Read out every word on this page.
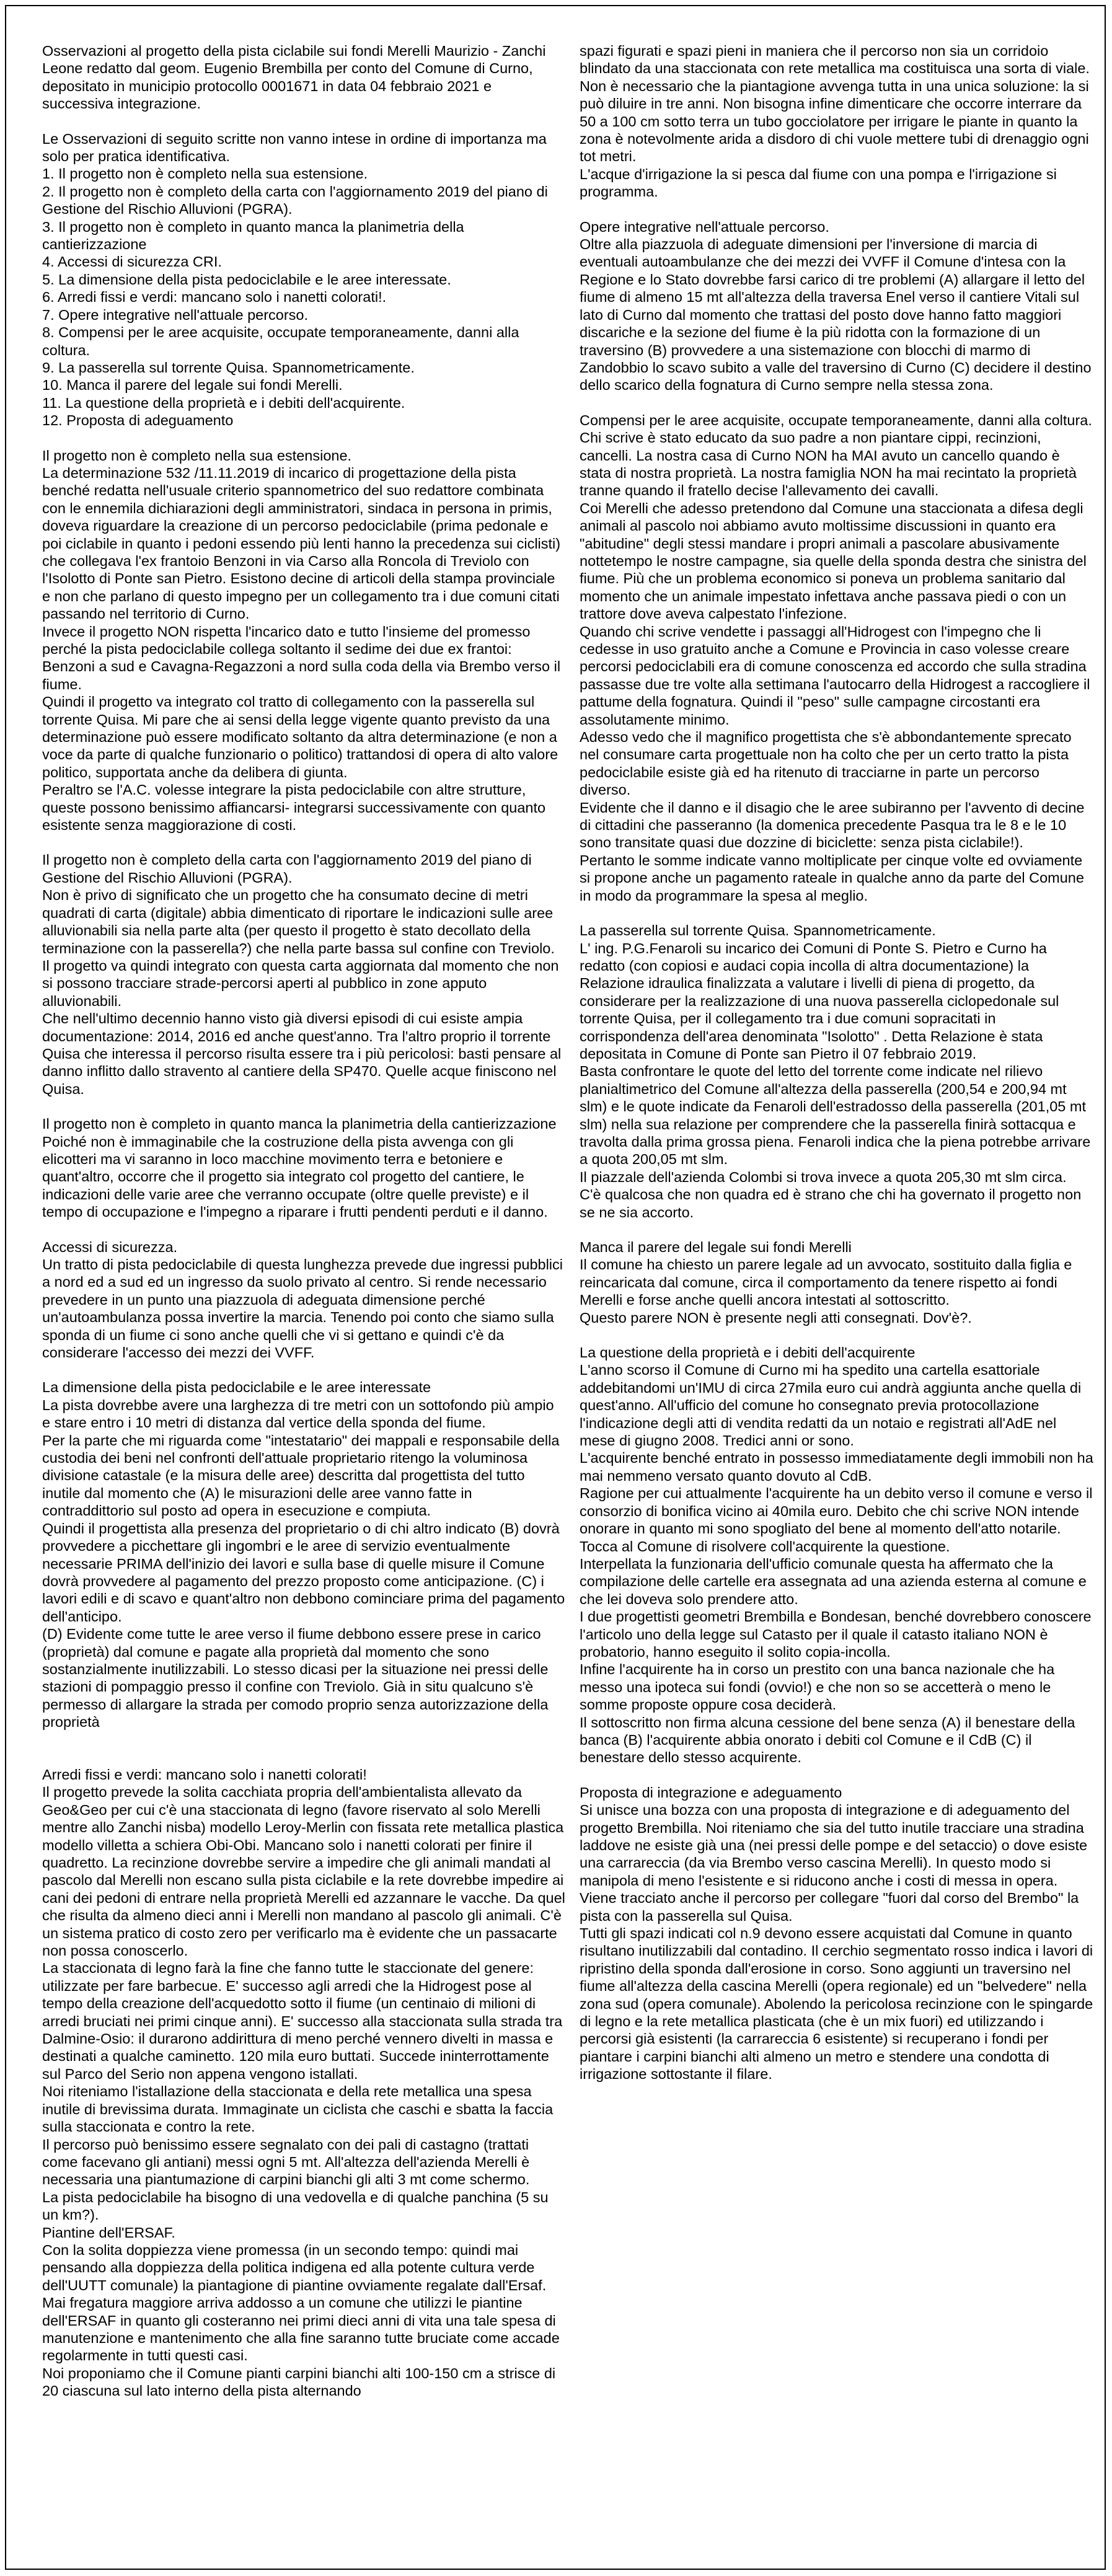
Osservazioni al progetto della pista ciclabile sui fondi Merelli Maurizio - Zanchi Leone redatto dal geom. Eugenio Brembilla per conto del Comune di Curno, depositato in municipio protocollo 0001671 in data 04 febbraio 2021 e successiva integrazione.

Le Osservazioni di seguito scritte non vanno intese in ordine di importanza ma solo per pratica identificativa.
1. Il progetto non è completo nella sua estensione.
2. Il progetto non è completo della carta con l'aggiornamento 2019 del piano di Gestione del Rischio Alluvioni (PGRA).
3. Il progetto non è completo in quanto manca la planimetria della cantierizzazione
4. Accessi di sicurezza CRI.
5. La dimensione della pista pedociclabile e le aree interessate.
6. Arredi fissi e verdi: mancano solo i nanetti colorati!.
7. Opere integrative nell'attuale percorso.
8. Compensi per le aree acquisite, occupate temporaneamente, danni alla coltura.
9. La passerella sul torrente Quisa. Spannometricamente.
10. Manca il parere del legale sui fondi Merelli.
11. La questione della proprietà e i debiti dell'acquirente.
12. Proposta di adeguamento

Il progetto non è completo nella sua estensione.
La determinazione 532 /11.11.2019 di incarico di progettazione della pista benché redatta nell'usuale criterio spannometrico del suo redattore combinata con le ennemila dichiarazioni degli amministratori, sindaca in persona in primis, doveva riguardare la creazione di un percorso pedociclabile (prima pedonale e poi ciclabile in quanto i pedoni essendo più lenti hanno la precedenza sui ciclisti) che collegava l'ex frantoio Benzoni in via Carso alla Roncola di Treviolo con l'Isolotto di Ponte san Pietro. Esistono decine di articoli della stampa provinciale e non che parlano di questo impegno per un collegamento tra i due comuni citati passando nel territorio di Curno.
Invece il progetto NON rispetta l'incarico dato e tutto l'insieme del promesso perché la pista pedociclabile collega soltanto il sedime dei due ex frantoi: Benzoni a sud e Cavagna-Regazzoni a nord sulla coda della via Brembo verso il fiume.
Quindi il progetto va integrato col tratto di collegamento con la passerella sul torrente Quisa. Mi pare che ai sensi della legge vigente quanto previsto da una determinazione può essere modificato soltanto da altra determinazione (e non a voce da parte di qualche funzionario o politico) trattandosi di opera di alto valore politico, supportata anche da delibera di giunta.
Peraltro se l'A.C. volesse integrare la pista pedociclabile con altre strutture, queste possono benissimo affiancarsi- integrarsi successivamente con quanto esistente senza maggiorazione di costi.

Il progetto non è completo della carta con l'aggiornamento 2019 del piano di Gestione del Rischio Alluvioni (PGRA).
Non è privo di significato che un progetto che ha consumato decine di metri quadrati di carta (digitale) abbia dimenticato di riportare le indicazioni sulle aree alluvionabili sia nella parte alta (per questo il progetto è stato decollato della terminazione con la passerella?) che nella parte bassa sul confine con Treviolo.
Il progetto va quindi integrato con questa carta aggiornata dal momento che non si possono tracciare strade-percorsi aperti al pubblico in zone apputo alluvionabili.
Che nell'ultimo decennio hanno visto già diversi episodi di cui esiste ampia documentazione: 2014, 2016 ed anche quest'anno. Tra l'altro proprio il torrente Quisa che interessa il percorso risulta essere tra i più pericolosi: basti pensare al danno inflitto dallo stravento al cantiere della SP470. Quelle acque finiscono nel Quisa.

Il progetto non è completo in quanto manca la planimetria della cantierizzazione
Poiché non è immaginabile che la costruzione della pista avvenga con gli elicotteri ma vi saranno in loco macchine movimento terra e betoniere e quant'altro, occorre che il progetto sia integrato col progetto del cantiere, le indicazioni delle varie aree che verranno occupate (oltre quelle previste) e il tempo di occupazione e l'impegno a riparare i frutti pendenti perduti e il danno.

Accessi di sicurezza.
Un tratto di pista pedociclabile di questa lunghezza prevede due ingressi pubblici a nord ed a sud ed un ingresso da suolo privato al centro. Si rende necessario prevedere in un punto una piazzuola di adeguata dimensione perché un'autoambulanza possa invertire la marcia. Tenendo poi conto che siamo sulla sponda di un fiume ci sono anche quelli che vi si gettano e quindi c'è da considerare l'accesso dei mezzi dei VVFF.

La dimensione della pista pedociclabile e le aree interessate
La pista dovrebbe avere una larghezza di tre metri con un sottofondo più ampio e stare entro i 10 metri di distanza dal vertice della sponda del fiume.
Per la parte che mi riguarda come "intestatario" dei mappali e responsabile della custodia dei beni nel confronti dell'attuale proprietario ritengo la voluminosa divisione catastale (e la misura delle aree) descritta dal progettista del tutto inutile dal momento che (A) le misurazioni delle aree vanno fatte in contraddittorio sul posto ad opera in esecuzione e compiuta.
Quindi il progettista alla presenza del proprietario o di chi altro indicato (B) dovrà provvedere a picchettare gli ingombri e le aree di servizio eventualmente necessarie PRIMA dell'inizio dei lavori e sulla base di quelle misure il Comune dovrà provvedere al pagamento del prezzo proposto come anticipazione. (C) i lavori edili e di scavo e quant'altro non debbono cominciare prima del pagamento dell'anticipo.
(D) Evidente come tutte le aree verso il fiume debbono essere prese in carico (proprietà) dal comune e pagate alla proprietà dal momento che sono sostanzialmente inutilizzabili. Lo stesso dicasi per la situazione nei pressi delle stazioni di pompaggio presso il confine con Treviolo. Già in situ qualcuno s'è permesso di allargare la strada per comodo proprio senza autorizzazione della proprietà

Arredi fissi e verdi: mancano solo i nanetti colorati!
Il progetto prevede la solita cacchiata propria dell'ambientalista allevato da Geo&Geo per cui c'è una staccionata di legno (favore riservato al solo Merelli mentre allo Zanchi nisba) modello Leroy-Merlin con fissata rete metallica plastica modello villetta a schiera Obi-Obi. Mancano solo i nanetti colorati per finire il quadretto. La recinzione dovrebbe servire a impedire che gli animali mandati al pascolo dal Merelli non escano sulla pista ciclabile e la rete dovrebbe impedire ai cani dei pedoni di entrare nella proprietà Merelli ed azzannare le vacche. Da quel che risulta da almeno dieci anni i Merelli non mandano al pascolo gli animali. C'è un sistema pratico di costo zero per verificarlo ma è evidente che un passacarte non possa conoscerlo.
La staccionata di legno farà la fine che fanno tutte le staccionate del genere: utilizzate per fare barbecue. E' successo agli arredi che la Hidrogest pose al tempo della creazione dell'acquedotto sotto il fiume (un centinaio di milioni di arredi bruciati nei primi cinque anni). E' successo alla staccionata sulla strada tra Dalmine-Osio: il durarono addirittura di meno perché vennero divelti in massa e destinati a qualche caminetto. 120 mila euro buttati. Succede ininterrottamente sul Parco del Serio non appena vengono istallati.
Noi riteniamo l'istallazione della staccionata e della rete metallica una spesa inutile di brevissima durata. Immaginate un ciclista che caschi e sbatta la faccia sulla staccionata e contro la rete.
Il percorso può benissimo essere segnalato con dei pali di castagno (trattati come facevano gli antiani) messi ogni 5 mt. All'altezza dell'azienda Merelli è necessaria una piantumazione di carpini bianchi gli alti 3 mt come schermo.
La pista pedociclabile ha bisogno di una vedovella e di qualche panchina (5 su un km?).
Piantine dell'ERSAF.
Con la solita doppiezza viene promessa (in un secondo tempo: quindi mai pensando alla doppiezza della politica indigena ed alla potente cultura verde dell'UUTT comunale) la piantagione di piantine ovviamente regalate dall'Ersaf.
Mai fregatura maggiore arriva addosso a un comune che utilizzi le piantine dell'ERSAF in quanto gli costeranno nei primi dieci anni di vita una tale spesa di manutenzione e mantenimento che alla fine saranno tutte bruciate come accade regolarmente in tutti questi casi.
Noi proponiamo che il Comune pianti carpini bianchi alti 100-150 cm a strisce di 20 ciascuna sul lato interno della pista alternando

spazi figurati e spazi pieni in maniera che il percorso non sia un corridoio blindato da una staccionata con rete metallica ma costituisca una sorta di viale. Non è necessario che la piantagione avvenga tutta in una unica soluzione: la si può diluire in tre anni. Non bisogna infine dimenticare che occorre interrare da 50 a 100 cm sotto terra un tubo gocciolatore per irrigare le piante in quanto la zona è notevolmente arida a disdoro di chi vuole mettere tubi di drenaggio ogni tot metri.
L'acque d'irrigazione la si pesca dal fiume con una pompa e l'irrigazione si programma.

Opere integrative nell'attuale percorso.
Oltre alla piazzuola di adeguate dimensioni per l'inversione di marcia di eventuali autoambulanze che dei mezzi dei VVFF il Comune d'intesa con la Regione e lo Stato dovrebbe farsi carico di tre problemi (A) allargare il letto del fiume di almeno 15 mt all'altezza della traversa Enel verso il cantiere Vitali sul lato di Curno dal momento che trattasi del posto dove hanno fatto maggiori discariche e la sezione del fiume è la più ridotta con la formazione di un traversino (B) provvedere a una sistemazione con blocchi di marmo di Zandobbio lo scavo subito a valle del traversino di Curno (C) decidere il destino dello scarico della fognatura di Curno sempre nella stessa zona.

Compensi per le aree acquisite, occupate temporaneamente, danni alla coltura.
Chi scrive è stato educato da suo padre a non piantare cippi, recinzioni, cancelli. La nostra casa di Curno NON ha MAI avuto un cancello quando è stata di nostra proprietà. La nostra famiglia NON ha mai recintato la proprietà tranne quando il fratello decise l'allevamento dei cavalli.
Coi Merelli che adesso pretendono dal Comune una staccionata a difesa degli animali al pascolo noi abbiamo avuto moltissime discussioni in quanto era "abitudine" degli stessi mandare i propri animali a pascolare abusivamente nottetempo le nostre campagne, sia quelle della sponda destra che sinistra del fiume. Più che un problema economico si poneva un problema sanitario dal momento che un animale impestato infettava anche passava piedi o con un trattore dove aveva calpestato l'infezione.
Quando chi scrive vendette i passaggi all'Hidrogest con l'impegno che li cedesse in uso gratuito anche a Comune e Provincia in caso volesse creare percorsi pedociclabili era di comune conoscenza ed accordo che sulla stradina passasse due tre volte alla settimana l'autocarro della Hidrogest a raccogliere il pattume della fognatura. Quindi il "peso" sulle campagne circostanti era assolutamente minimo.
Adesso vedo che il magnifico progettista che s'è abbondantemente sprecato nel consumare carta progettuale non ha colto che per un certo tratto la pista pedociclabile esiste già ed ha ritenuto di tracciarne in parte un percorso diverso.
Evidente che il danno e il disagio che le aree subiranno per l'avvento di decine di cittadini che passeranno (la domenica precedente Pasqua tra le 8 e le 10 sono transitate quasi due dozzine di biciclette: senza pista ciclabile!).
Pertanto le somme indicate vanno moltiplicate per cinque volte ed ovviamente si propone anche un pagamento rateale in qualche anno da parte del Comune in modo da programmare la spesa al meglio.

La passerella sul torrente Quisa. Spannometricamente.
L' ing. P.G.Fenaroli su incarico dei Comuni di Ponte S. Pietro e Curno ha redatto (con copiosi e audaci copia incolla di altra documentazione) la Relazione idraulica finalizzata a valutare i livelli di piena di progetto, da considerare per la realizzazione di una nuova passerella ciclopedonale sul torrente Quisa, per il collegamento tra i due comuni sopracitati in corrispondenza dell'area denominata "Isolotto" . Detta Relazione è stata depositata in Comune di Ponte san Pietro il 07 febbraio 2019.
Basta confrontare le quote del letto del torrente come indicate nel rilievo planialtimetrico del Comune all'altezza della passerella (200,54 e 200,94 mt slm) e le quote indicate da Fenaroli dell'estradosso della passerella (201,05 mt slm) nella sua relazione per comprendere che la passerella finirà sottacqua e travolta dalla prima grossa piena. Fenaroli indica che la piena potrebbe arrivare a quota 200,05 mt slm.
Il piazzale dell'azienda Colombi si trova invece a quota 205,30 mt slm circa.
C'è qualcosa che non quadra ed è strano che chi ha governato il progetto non se ne sia accorto.

Manca il parere del legale sui fondi Merelli
Il comune ha chiesto un parere legale ad un avvocato, sostituito dalla figlia e reincaricata dal comune, circa il comportamento da tenere rispetto ai fondi Merelli e forse anche quelli ancora intestati al sottoscritto.
Questo parere NON è presente negli atti consegnati. Dov'è?.

La questione della proprietà e i debiti dell'acquirente
L'anno scorso il Comune di Curno mi ha spedito una cartella esattoriale addebitandomi un'IMU di circa 27mila euro cui andrà aggiunta anche quella di quest'anno. All'ufficio del comune ho consegnato previa protocollazione l'indicazione degli atti di vendita redatti da un notaio e registrati all'AdE nel mese di giugno 2008. Tredici anni or sono.
L'acquirente benché entrato in possesso immediatamente degli immobili non ha mai nemmeno versato quanto dovuto al CdB.
Ragione per cui attualmente l'acquirente ha un debito verso il comune e verso il consorzio di bonifica vicino ai 40mila euro. Debito che chi scrive NON intende onorare in quanto mi sono spogliato del bene al momento dell'atto notarile. Tocca al Comune di risolvere coll'acquirente la questione.
Interpellata la funzionaria dell'ufficio comunale questa ha affermato che la compilazione delle cartelle era assegnata ad una azienda esterna al comune e che lei doveva solo prendere atto.
I due progettisti geometri Brembilla e Bondesan, benché dovrebbero conoscere l'articolo uno della legge sul Catasto per il quale il catasto italiano NON è probatorio, hanno eseguito il solito copia-incolla.
Infine l'acquirente ha in corso un prestito con una banca nazionale che ha messo una ipoteca sui fondi (ovvio!) e che non so se accetterà o meno le somme proposte oppure cosa deciderà.
Il sottoscritto non firma alcuna cessione del bene senza (A) il benestare della banca (B) l'acquirente abbia onorato i debiti col Comune e il CdB (C) il benestare dello stesso acquirente.

Proposta di integrazione e adeguamento
Si unisce una bozza con una proposta di integrazione e di adeguamento del progetto Brembilla. Noi riteniamo che sia del tutto inutile tracciare una stradina laddove ne esiste già una (nei pressi delle pompe e del setaccio) o dove esiste una carrareccia (da via Brembo verso cascina Merelli). In questo modo si manipola di meno l'esistente e si riducono anche i costi di messa in opera. Viene tracciato anche il percorso per collegare "fuori dal corso del Brembo" la pista con la passerella sul Quisa.
Tutti gli spazi indicati col n.9 devono essere acquistati dal Comune in quanto risultano inutilizzabili dal contadino. Il cerchio segmentato rosso indica i lavori di ripristino della sponda dall'erosione in corso. Sono aggiunti un traversino nel fiume all'altezza della cascina Merelli (opera regionale) ed un "belvedere" nella zona sud (opera comunale). Abolendo la pericolosa recinzione con le spingarde di legno e la rete metallica plasticata (che è un mix fuori) ed utilizzando i percorsi già esistenti (la carrareccia 6 esistente) si recuperano i fondi per piantare i carpini bianchi alti almeno un metro e stendere una condotta di irrigazione sottostante il filare.
